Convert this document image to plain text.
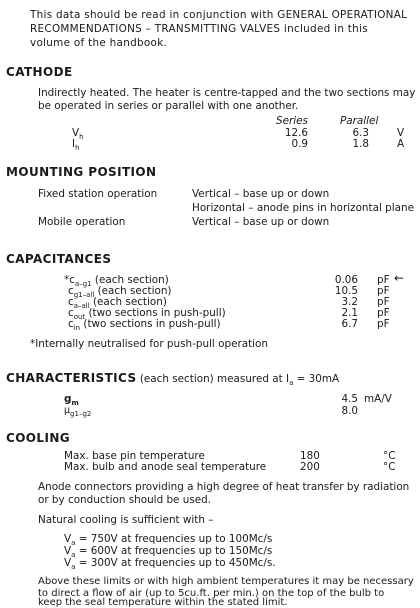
This data should be read in conjunction with GENERAL OPERATIONAL
RECOMMENDATIONS – TRANSMITTING VALVES included in this
volume of the handbook.
CATHODE
Indirectly heated. The heater is centre-tapped and the two sections may
be operated in series or parallel with one another.
Series	Parallel
$V_h$	12.6	6.3	V
$I_h$	0.9	1.8	A
MOUNTING POSITION
Fixed station operation	Vertical – base up or down
Horizontal – anode pins in horizontal plane
Mobile operation	Vertical – base up or down
CAPACITANCES
$*c_{a-g1}$ (each section)	0.06 pF ←
$c_{g1-all}$ (each section)	10.5 pF
$c_{a-all}$ (each section)	3.2 pF
$c_{out}$ (two sections in push-pull)	2.1 pF
$c_{in}$ (two sections in push-pull)	6.7 pF
*Internally neutralised for push-pull operation
CHARACTERISTICS (each section) measured at $I_a = 30mA$
$g_m$	4.5 mA/V
$\mu_{g1-g2}$	8.0
COOLING
Max. base pin temperature	180	°C
Max. bulb and anode seal temperature	200	°C
Anode connectors providing a high degree of heat transfer by radiation
or by conduction should be used.
Natural cooling is sufficient with –
$V_a = 750V$ at frequencies up to 100Mc/s
$V_a = 600V$ at frequencies up to 150Mc/s
$V_a = 300V$ at frequencies up to 450Mc/s.
Above these limits or with high ambient temperatures it may be necessary
to direct a flow of air (up to 5cu.ft. per min.) on the top of the bulb to
keep the seal temperature within the stated limit.
